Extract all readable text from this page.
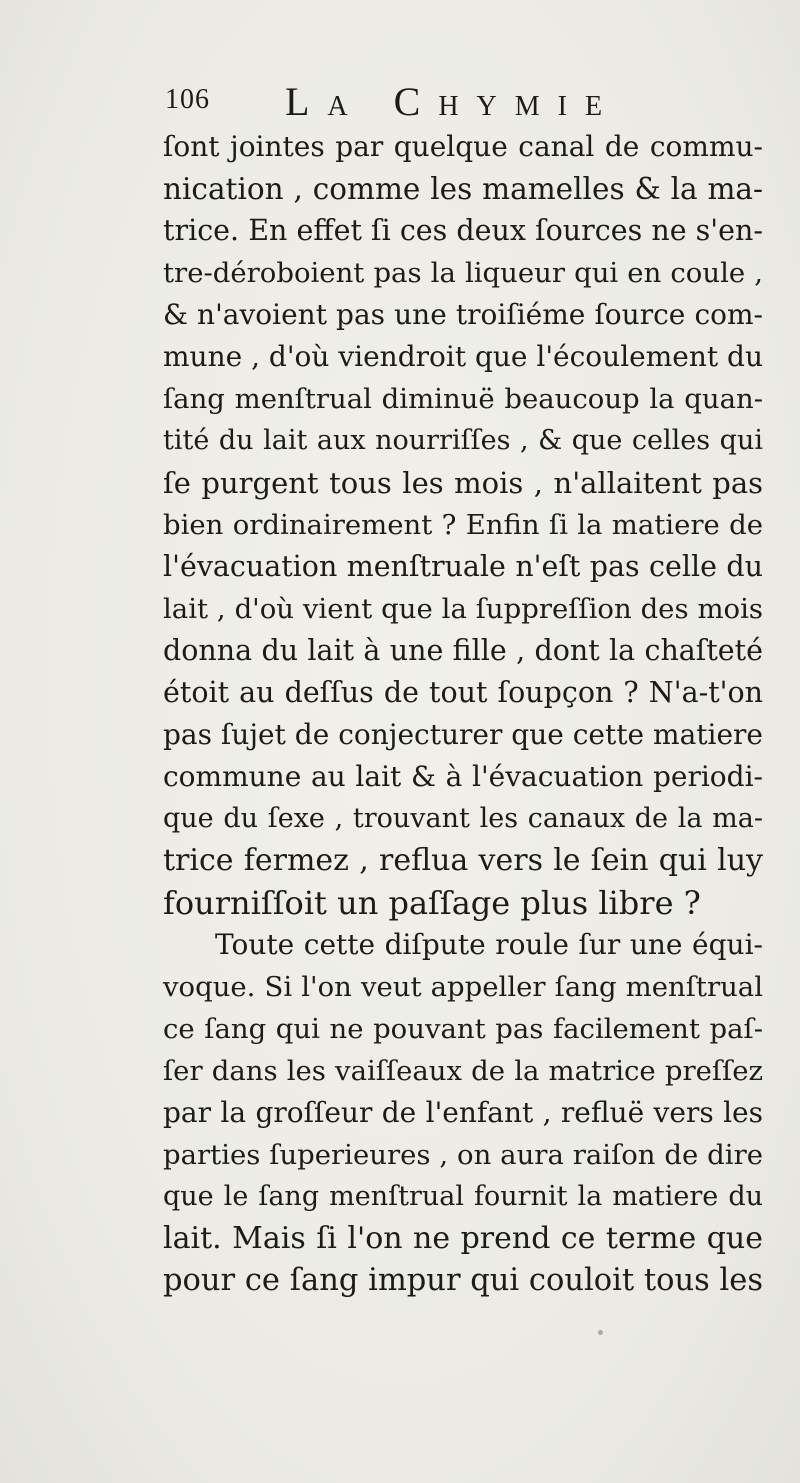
106 La Chymie
ſont jointes par quelque canal de commu-
nication , comme les mamelles & la ma-
trice. En effet ſi ces deux ſources ne s'en-
tre-déroboient pas la liqueur qui en coule ,
& n'avoient pas une troiſiéme ſource com-
mune , d'où viendroit que l'écoulement du
ſang menſtrual diminuë beaucoup la quan-
tité du lait aux nourriſſes , & que celles qui
ſe purgent tous les mois , n'allaitent pas
bien ordinairement ? Enfin ſi la matiere de
l'évacuation menſtruale n'eſt pas celle du
lait , d'où vient que la ſuppreſſion des mois
donna du lait à une fille , dont la chaſteté
étoit au deſſus de tout ſoupçon ? N'a-t'on
pas ſujet de conjecturer que cette matiere
commune au lait & à l'évacuation periodi-
que du ſexe , trouvant les canaux de la ma-
trice fermez , reflua vers le ſein qui luy
fourniſſoit un paſſage plus libre ?
Toute cette diſpute roule ſur une équi-
voque. Si l'on veut appeller ſang menſtrual
ce ſang qui ne pouvant pas facilement paſ-
ſer dans les vaiſſeaux de la matrice preſſez
par la groſſeur de l'enfant , refluë vers les
parties ſuperieures , on aura raiſon de dire
que le ſang menſtrual fournit la matiere du
lait. Mais ſi l'on ne prend ce terme que
pour ce ſang impur qui couloit tous les
